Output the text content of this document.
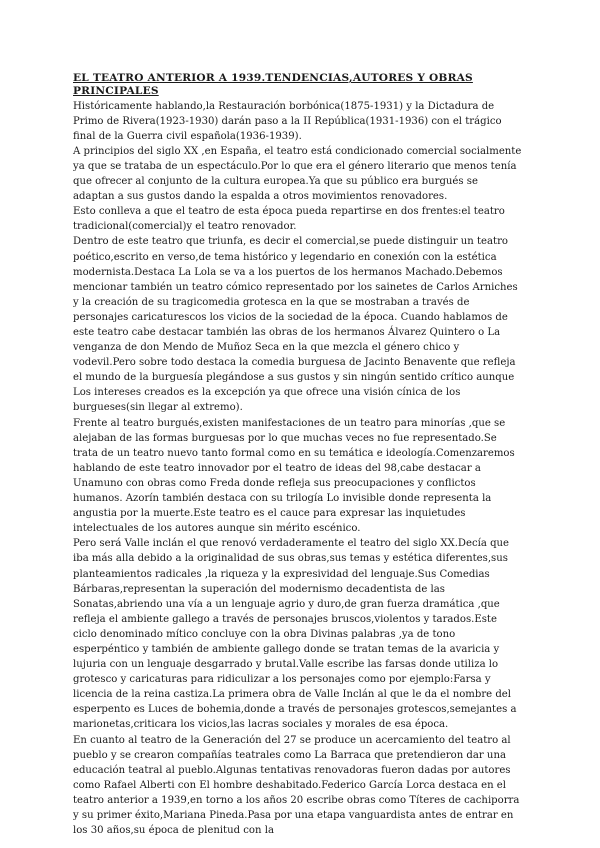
EL TEATRO ANTERIOR A 1939.TENDENCIAS,AUTORES Y OBRAS PRINCIPALES

Históricamente hablando,la Restauración borbónica(1875-1931) y la Dictadura de Primo de Rivera(1923-1930) darán paso a la II República(1931-1936) con el trágico final de la Guerra civil española(1936-1939).

A principios del siglo XX ,en España, el teatro está condicionado comercial socialmente ya que se trataba de un espectáculo.Por lo que era el género literario que menos tenía que ofrecer al conjunto de la cultura europea.Ya que su público era burgués se adaptan a sus gustos dando la espalda a otros movimientos renovadores.

Esto conlleva a que el teatro de esta época pueda repartirse en dos frentes:el teatro tradicional(comercial)y el teatro renovador.

Dentro de este teatro que triunfa, es decir el comercial,se puede distinguir un teatro poético,escrito en verso,de tema histórico y legendario en conexión con la estética modernista.Destaca La Lola se va a los puertos de los hermanos Machado.Debemos mencionar también un teatro cómico representado por los sainetes de Carlos Arniches y la creación de su tragicomedia grotesca en la que se mostraban a través de personajes caricaturescos los vicios de la sociedad de la época. Cuando hablamos de este teatro cabe destacar también las obras de los hermanos Álvarez Quintero o La venganza de don Mendo de Muñoz Seca en la que mezcla el género chico y vodevil.Pero sobre todo destaca la comedia burguesa de Jacinto Benavente que refleja el mundo de la burguesía plegándose a sus gustos y sin ningún sentido crítico aunque Los intereses creados es la excepción ya que ofrece una visión cínica de los burgueses(sin llegar al extremo).

Frente al teatro burgués,existen manifestaciones de un teatro para minorías ,que se alejaban de las formas burguesas por lo que muchas veces no fue representado.Se trata de un teatro nuevo tanto formal como en su temática e ideología.Comenzaremos hablando de este teatro innovador por el teatro de ideas del 98,cabe destacar a Unamuno con obras como Freda donde refleja sus preocupaciones y conflictos humanos. Azorín también destaca con su trilogía Lo invisible donde representa la angustia por la muerte.Este teatro es el cauce para expresar las inquietudes intelectuales de los autores aunque sin mérito escénico.

Pero será Valle inclán el que renovó verdaderamente el teatro del siglo XX.Decía que iba más alla debido a la originalidad de sus obras,sus temas y estética diferentes,sus planteamientos radicales ,la riqueza y la expresividad del lenguaje.Sus Comedias Bárbaras,representan la superación del modernismo decadentista de las Sonatas,abriendo una vía a un lenguaje agrio y duro,de gran fuerza dramática ,que refleja el ambiente gallego a través de personajes bruscos,violentos y tarados.Este ciclo denominado mítico concluye con la obra Divinas palabras ,ya de tono esperpéntico y también de ambiente gallego donde se tratan temas de la avaricia y lujuria con un lenguaje desgarrado y brutal.Valle escribe las farsas donde utiliza lo grotesco y caricaturas para ridiculizar a los personajes como por ejemplo:Farsa y licencia de la reina castiza.La primera obra de Valle Inclán al que le da el nombre del esperpento es Luces de bohemia,donde a través de personajes grotescos,semejantes a marionetas,criticara los vicios,las lacras sociales y morales de esa época.

En cuanto al teatro de la Generación del 27 se produce un acercamiento del teatro al pueblo y se crearon compañías teatrales como La Barraca que pretendieron dar una educación teatral al pueblo.Algunas tentativas renovadoras fueron dadas por autores como Rafael Alberti con El hombre deshabitado.Federico García Lorca destaca en el teatro anterior a 1939,en torno a los años 20 escribe obras como Títeres de cachiporra y su primer éxito,Mariana Pineda.Pasa por una etapa vanguardista antes de entrar en los 30 años,su época de plenitud con la
